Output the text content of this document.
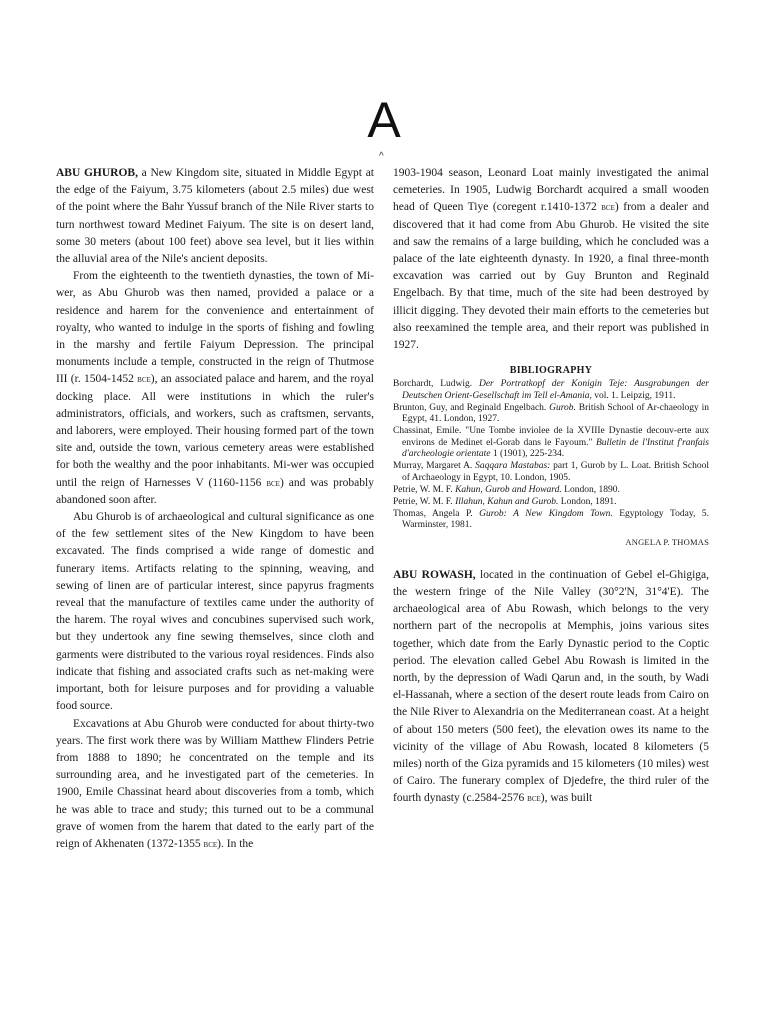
A
^

ABU GHUROB, a New Kingdom site, situated in Middle Egypt at the edge of the Faiyum, 3.75 kilometers (about 2.5 miles) due west of the point where the Bahr Yussuf branch of the Nile River starts to turn northwest toward Medinet Faiyum. The site is on desert land, some 30 meters (about 100 feet) above sea level, but it lies within the alluvial area of the Nile's ancient deposits.

From the eighteenth to the twentieth dynasties, the town of Mi-wer, as Abu Ghurob was then named, provided a palace or a residence and harem for the convenience and entertainment of royalty, who wanted to indulge in the sports of fishing and fowling in the marshy and fertile Faiyum Depression. The principal monuments include a temple, constructed in the reign of Thutmose III (r. 1504-1452 bce), an associated palace and harem, and the royal docking place. All were institutions in which the ruler's administrators, officials, and workers, such as craftsmen, servants, and laborers, were employed. Their housing formed part of the town site and, outside the town, various cemetery areas were established for both the wealthy and the poor inhabitants. Mi-wer was occupied until the reign of Harnesses V (1160-1156 bce) and was probably abandoned soon after.

Abu Ghurob is of archaeological and cultural significance as one of the few settlement sites of the New Kingdom to have been excavated. The finds comprised a wide range of domestic and funerary items. Artifacts relating to the spinning, weaving, and sewing of linen are of particular interest, since papyrus fragments reveal that the manufacture of textiles came under the authority of the harem. The royal wives and concubines supervised such work, but they undertook any fine sewing themselves, since cloth and garments were distributed to the various royal residences. Finds also indicate that fishing and associated crafts such as net-making were important, both for leisure purposes and for providing a valuable food source.

Excavations at Abu Ghurob were conducted for about thirty-two years. The first work there was by William Matthew Flinders Petrie from 1888 to 1890; he concentrated on the temple and its surrounding area, and he investigated part of the cemeteries. In 1900, Emile Chassinat heard about discoveries from a tomb, which he was able to trace and study; this turned out to be a communal grave of women from the harem that dated to the early part of the reign of Akhenaten (1372-1355 bce). In the

1903-1904 season, Leonard Loat mainly investigated the animal cemeteries. In 1905, Ludwig Borchardt acquired a small wooden head of Queen Tiye (coregent r.1410-1372 bce) from a dealer and discovered that it had come from Abu Ghurob. He visited the site and saw the remains of a large building, which he concluded was a palace of the late eighteenth dynasty. In 1920, a final three-month excavation was carried out by Guy Brunton and Reginald Engelbach. By that time, much of the site had been destroyed by illicit digging. They devoted their main efforts to the cemeteries but also reexamined the temple area, and their report was published in 1927.

BIBLIOGRAPHY
Borchardt, Ludwig. Der Portratkopf der Konigin Teje: Ausgrabungen der Deutschen Orient-Gesellschaft im Tell el-Amania, vol. 1. Leipzig, 1911.
Brunton, Guy, and Reginald Engelbach. Gurob. British School of Ar-chaeology in Egypt, 41. London, 1927.
Chassinat, Emile. "Une Tombe inviolee de la XVIIIe Dynastie decouv-erte aux environs de Medinet el-Gorab dans le Fayoum." Bulletin de l'Institut f'ranfais d'archeologie orientate 1 (1901), 225-234.
Murray, Margaret A. Saqqara Mastabas: part 1, Gurob by L. Loat. British School of Archaeology in Egypt, 10. London, 1905.
Petrie, W. M. F. Kahun, Gurob and Howard. London, 1890.
Petrie, W. M. F. Illahun, Kahun and Gurob. London, 1891.
Thomas, Angela P. Gurob: A New Kingdom Town. Egyptology Today, 5. Warminster, 1981.
ANGELA P. THOMAS

ABU ROWASH, located in the continuation of Gebel el-Ghigiga, the western fringe of the Nile Valley (30°2'N, 31°4'E). The archaeological area of Abu Rowash, which belongs to the very northern part of the necropolis at Memphis, joins various sites together, which date from the Early Dynastic period to the Coptic period. The elevation called Gebel Abu Rowash is limited in the north, by the depression of Wadi Qarun and, in the south, by Wadi el-Hassanah, where a section of the desert route leads from Cairo on the Nile River to Alexandria on the Mediterranean coast. At a height of about 150 meters (500 feet), the elevation owes its name to the vicinity of the village of Abu Rowash, located 8 kilometers (5 miles) north of the Giza pyramids and 15 kilometers (10 miles) west of Cairo. The funerary complex of Djedefre, the third ruler of the fourth dynasty (c.2584-2576 bce), was built
